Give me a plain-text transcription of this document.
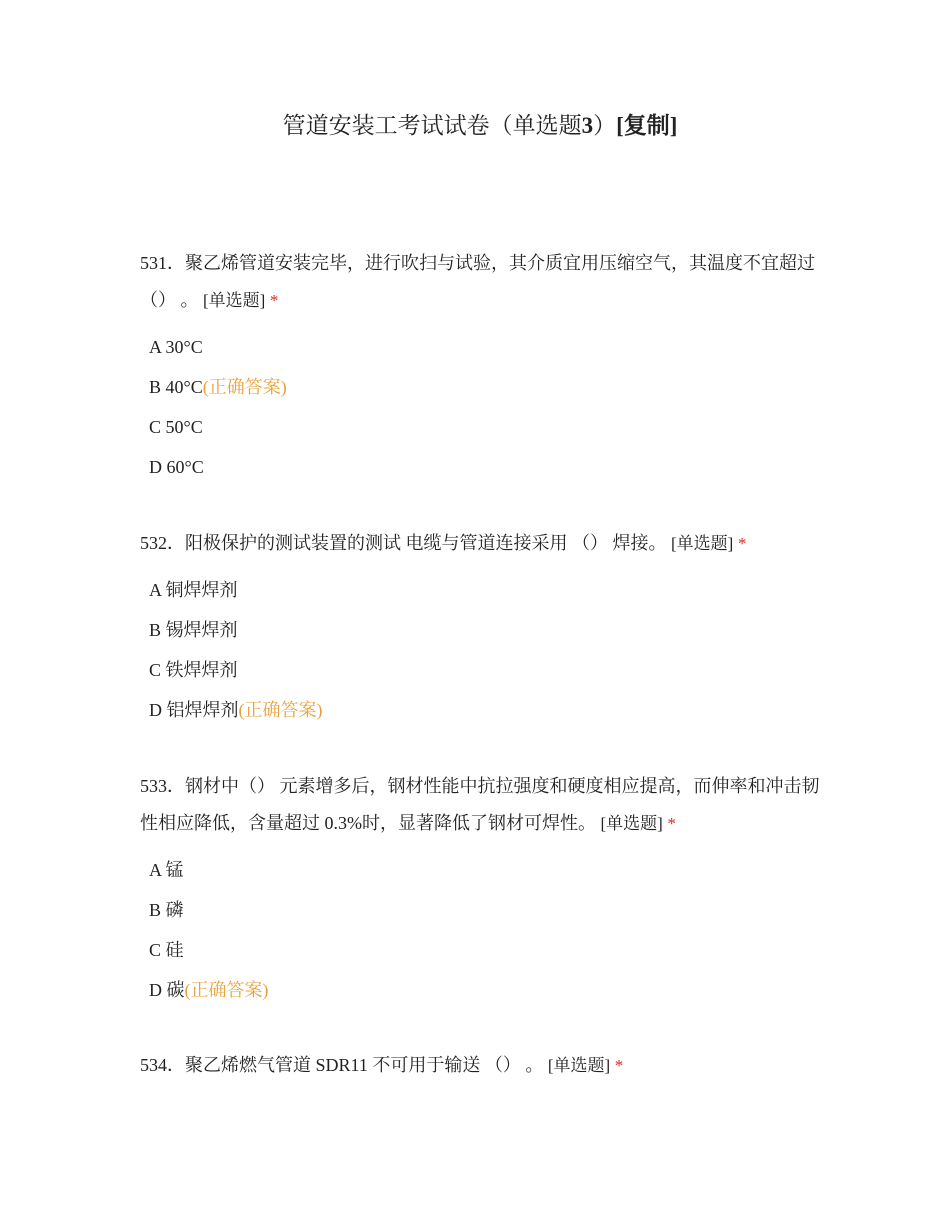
管道安装工考试试卷（单选题3）[复制]
531．聚乙烯管道安装完毕，进行吹扫与试验，其介质宜用压缩空气，其温度不宜超过 （） 。 [单选题] *
A 30°C
B 40°C(正确答案)
C 50°C
D 60°C
532．阳极保护的测试装置的测试 电缆与管道连接采用 （） 焊接。 [单选题] *
A 铜焊焊剂
B 锡焊焊剂
C 铁焊焊剂
D 铝焊焊剂(正确答案)
533．钢材中（） 元素增多后，钢材性能中抗拉强度和硬度相应提高，而伸率和冲击韧性相应降低，含量超过 0.3%时，显著降低了钢材可焊性。 [单选题] *
A 锰
B 磷
C 硅
D 碳(正确答案)
534．聚乙烯燃气管道 SDR11 不可用于输送 （） 。 [单选题] *
